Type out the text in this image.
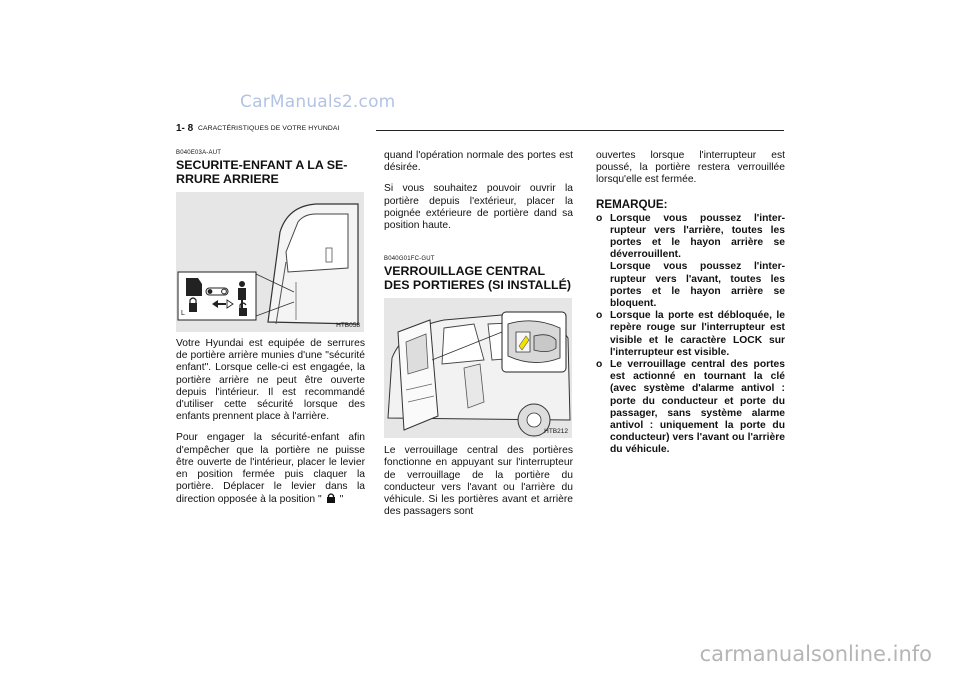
CarManuals2.com
1- 8 CARACTÉRISTIQUES DE VOTRE HYUNDAI
B040E03A-AUT
SECURITE-ENFANT A LA SE-RRURE ARRIERE
L
HTB058
Votre Hyundai est equipée de serrures de portière arrière munies d'une "sécurité enfant". Lorsque celle-ci est engagée, la portière arrière ne peut être ouverte depuis l'intérieur. Il est recommandé d'utiliser cette sécurité lorsque des enfants prennent place à l'arrière.
Pour engager la sécurité-enfant afin d'empêcher que la portière ne puisse être ouverte de l'intérieur, placer le levier en position fermée puis claquer la portière. Déplacer le levier dans la direction opposée à la position " "
quand l'opération normale des portes est désirée.
Si vous souhaitez pouvoir ouvrir la portière depuis l'extérieur, placer la poignée extérieure de portière dand sa position haute.
B040G01FC-GUT
VERROUILLAGE CENTRAL DES PORTIERES (SI INSTALLÉ)
HTB212
Le verrouillage central des portières fonctionne en appuyant sur l'interrupteur de verrouillage de la portière du conducteur vers l'avant ou l'arrière du véhicule. Si les portières avant et arrière des passagers sont
ouvertes lorsque l'interrupteur est poussé, la portière restera verrouillée lorsqu'elle est fermée.
REMARQUE:
o Lorsque vous poussez l'inter-rupteur vers l'arrière, toutes les portes et le hayon arrière se déverrouillent.
Lorsque vous poussez l'inter-rupteur vers l'avant, toutes les portes et le hayon arrière se bloquent.
o Lorsque la porte est débloquée, le repère rouge sur l'interrupteur est visible et le caractère LOCK sur l'interrupteur est visible.
o Le verrouillage central des portes est actionné en tournant la clé (avec système d'alarme antivol : porte du conducteur et porte du passager, sans système alarme antivol : uniquement la porte du conducteur) vers l'avant ou l'arrière du véhicule.
carmanualsonline.info
